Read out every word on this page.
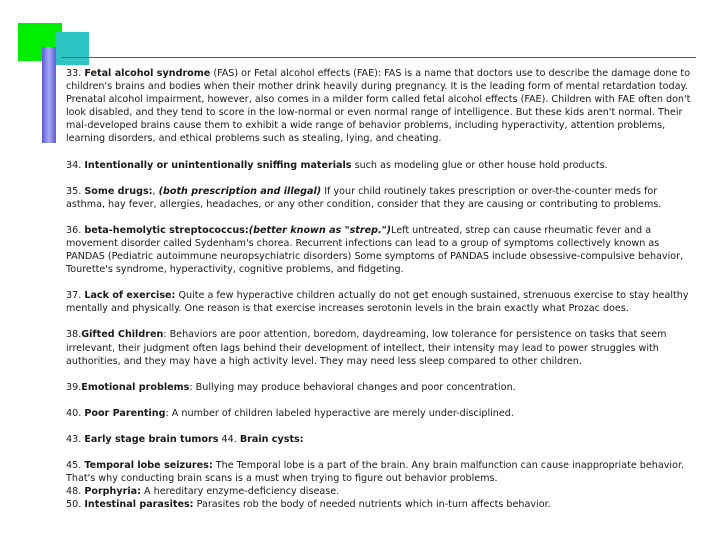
33. Fetal alcohol syndrome (FAS) or Fetal alcohol effects (FAE): FAS is a name that doctors use to describe the damage done to children's brains and bodies when their mother drink heavily during pregnancy. It is the leading form of mental retardation today. Prenatal alcohol impairment, however, also comes in a milder form called fetal alcohol effects (FAE). Children with FAE often don't look disabled, and they tend to score in the low-normal or even normal range of intelligence. But these kids aren't normal. Their mal-developed brains cause them to exhibit a wide range of behavior problems, including hyperactivity, attention problems, learning disorders, and ethical problems such as stealing, lying, and cheating.
34. Intentionally or unintentionally sniffing materials such as modeling glue or other house hold products.
35. Some drugs:, (both prescription and illegal) If your child routinely takes prescription or over-the-counter meds for asthma, hay fever, allergies, headaches, or any other condition, consider that they are causing or contributing to problems.
36. beta-hemolytic streptococcus:(better known as "strep.")Left untreated, strep can cause rheumatic fever and a movement disorder called Sydenham's chorea. Recurrent infections can lead to a group of symptoms collectively known as PANDAS (Pediatric autoimmune neuropsychiatric disorders) Some symptoms of PANDAS include obsessive-compulsive behavior, Tourette's syndrome, hyperactivity, cognitive problems, and fidgeting.
37. Lack of exercise: Quite a few hyperactive children actually do not get enough sustained, strenuous exercise to stay healthy mentally and physically. One reason is that exercise increases serotonin levels in the brain exactly what Prozac does.
38.Gifted Children: Behaviors are poor attention, boredom, daydreaming, low tolerance for persistence on tasks that seem irrelevant, their judgment often lags behind their development of intellect, their intensity may lead to power struggles with authorities, and they may have a high activity level. They may need less sleep compared to other children.
39.Emotional problems: Bullying may produce behavioral changes and poor concentration.
40. Poor Parenting: A number of children labeled hyperactive are merely under-disciplined.
43. Early stage brain tumors 44. Brain cysts:
45. Temporal lobe seizures: The Temporal lobe is a part of the brain. Any brain malfunction can cause inappropriate behavior. That's why conducting brain scans is a must when trying to figure out behavior problems.
48. Porphyria: A hereditary enzyme-deficiency disease.
50. Intestinal parasites: Parasites rob the body of needed nutrients which in-turn affects behavior.
